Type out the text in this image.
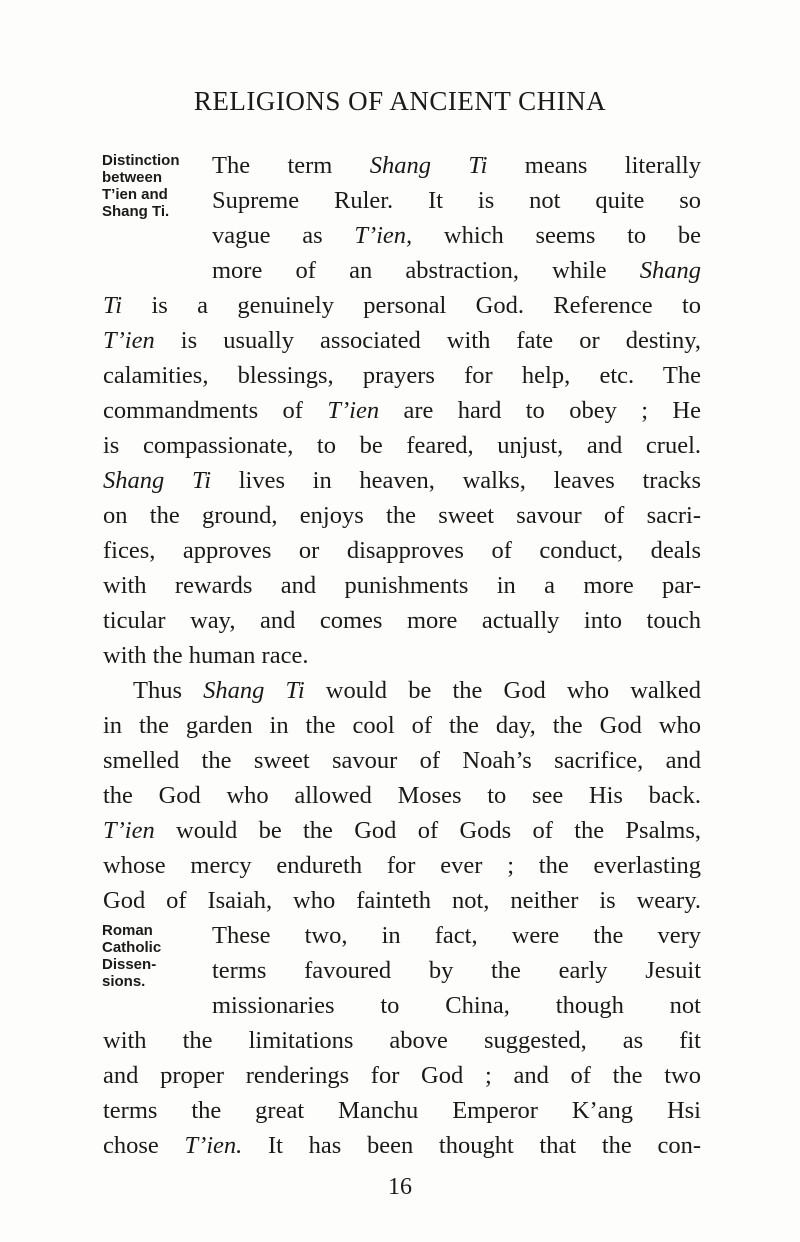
RELIGIONS OF ANCIENT CHINA
Distinction
between
T’ien and
Shang Ti.
Roman
Catholic
Dissen-
sions.
The term Shang Ti means literally
Supreme Ruler. It is not quite so
vague as T’ien, which seems to be
more of an abstraction, while Shang
Ti is a genuinely personal God. Reference to
T’ien is usually associated with fate or destiny,
calamities, blessings, prayers for help, etc. The
commandments of T’ien are hard to obey ; He
is compassionate, to be feared, unjust, and cruel.
Shang Ti lives in heaven, walks, leaves tracks
on the ground, enjoys the sweet savour of sacri-
fices, approves or disapproves of conduct, deals
with rewards and punishments in a more par-
ticular way, and comes more actually into touch
with the human race.
Thus Shang Ti would be the God who walked
in the garden in the cool of the day, the God who
smelled the sweet savour of Noah’s sacrifice, and
the God who allowed Moses to see His back.
T’ien would be the God of Gods of the Psalms,
whose mercy endureth for ever ; the everlasting
God of Isaiah, who fainteth not, neither is weary.
These two, in fact, were the very
terms favoured by the early Jesuit
missionaries to China, though not
with the limitations above suggested, as fit
and proper renderings for God ; and of the two
terms the great Manchu Emperor K’ang Hsi
chose T’ien. It has been thought that the con-
16
